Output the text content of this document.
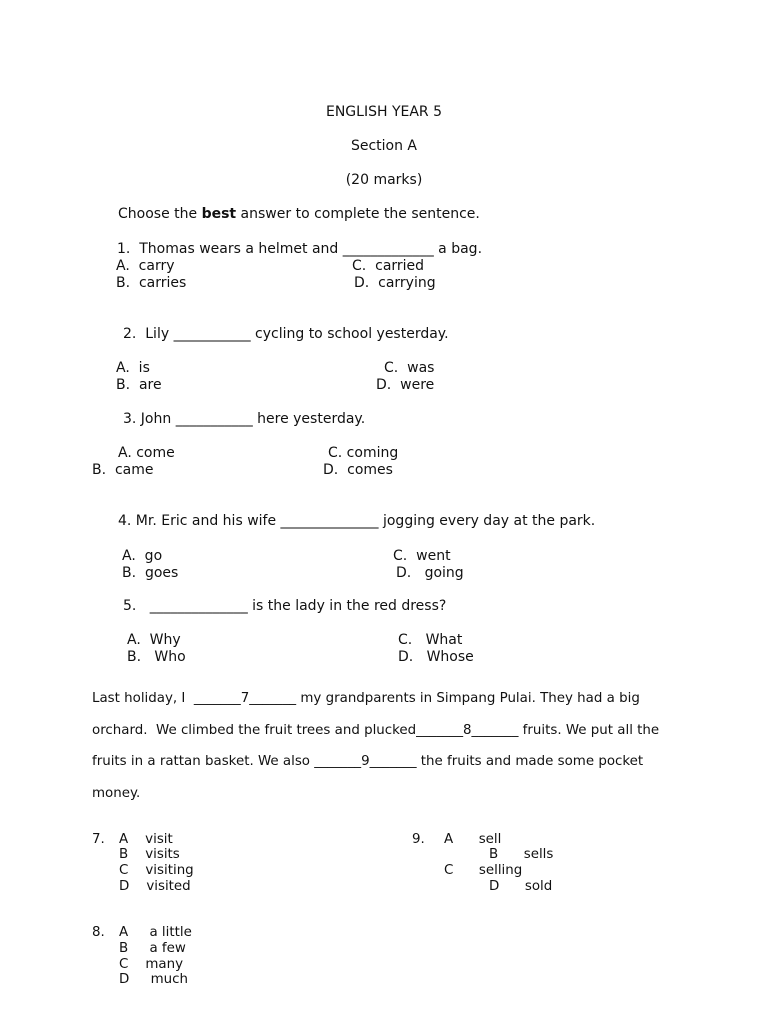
ENGLISH YEAR 5
Section A
(20 marks)
Choose the best answer to complete the sentence.
1.  Thomas wears a helmet and _____________ a bag.
A.  carry	C.  carried
B.  carries	D.  carrying
2.  Lily ___________ cycling to school yesterday.
A.  is	C.  was
B.  are	D.  were
3. John ___________ here yesterday.
A. come	C. coming
B.  came	D.  comes
4. Mr. Eric and his wife ______________ jogging every day at the park.
A.  go	C.  went
B.  goes	D.   going
5.   ______________ is the lady in the red dress?
A.  Why	C.   What
B.   Who	D.   Whose
Last holiday, I  _______7_______ my grandparents in Simpang Pulai. They had a big
orchard.  We climbed the fruit trees and plucked_______8_______ fruits. We put all the
fruits in a rattan basket. We also _______9_______ the fruits and made some pocket
money.
7. A    visit
B    visits
C    visiting
D    visited
9. A      sell
B      sells
C      selling
D      sold
8. A     a little
B     a few
C    many
D     much
